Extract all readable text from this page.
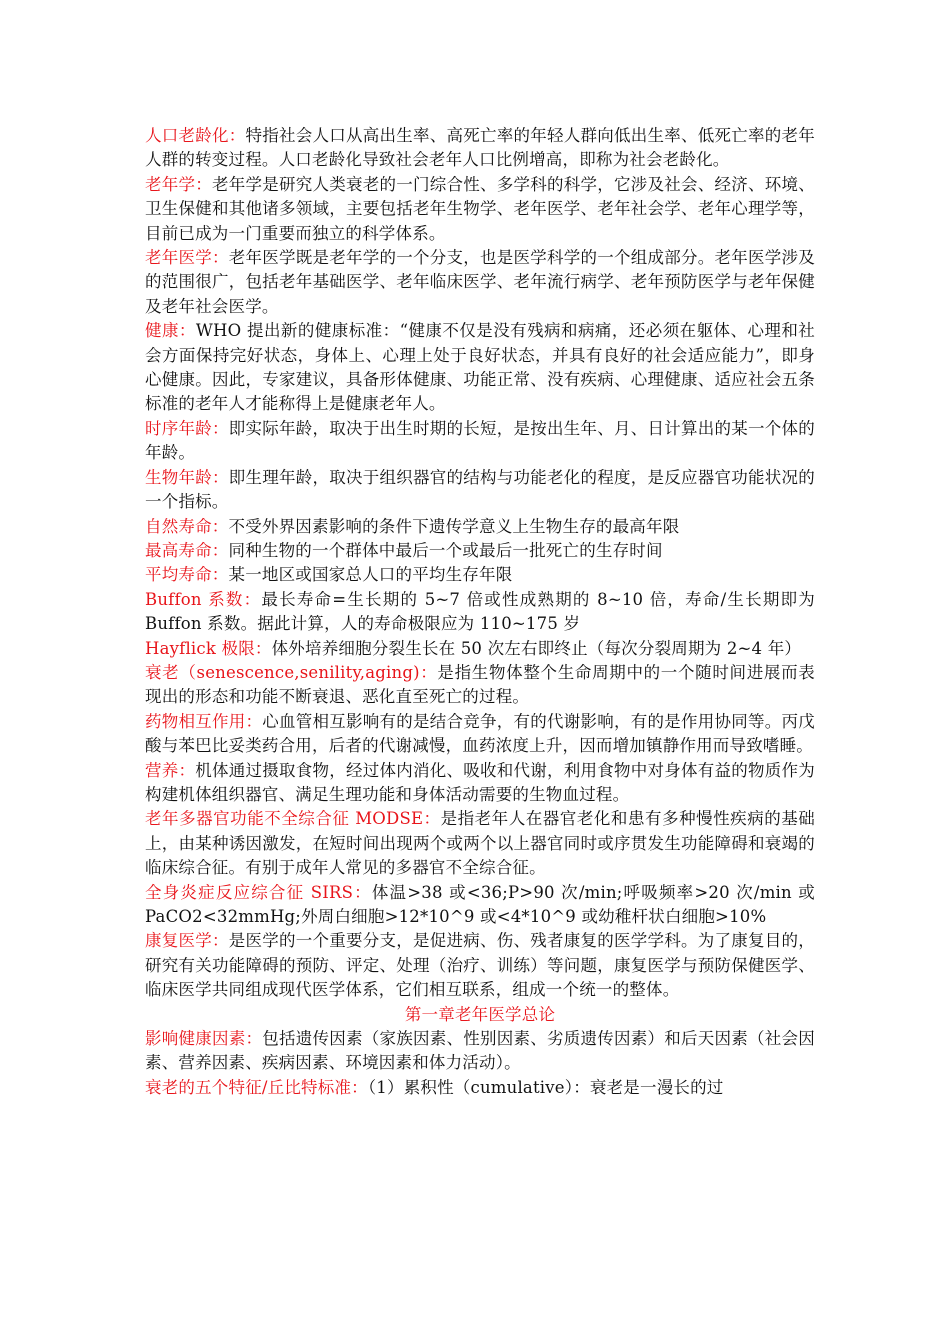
人口老龄化：特指社会人口从高出生率、高死亡率的年轻人群向低出生率、低死亡率的老年人群的转变过程。人口老龄化导致社会老年人口比例增高，即称为社会老龄化。

老年学：老年学是研究人类衰老的一门综合性、多学科的科学，它涉及社会、经济、环境、卫生保健和其他诸多领域，主要包括老年生物学、老年医学、老年社会学、老年心理学等，目前已成为一门重要而独立的科学体系。

老年医学：老年医学既是老年学的一个分支，也是医学科学的一个组成部分。老年医学涉及的范围很广，包括老年基础医学、老年临床医学、老年流行病学、老年预防医学与老年保健及老年社会医学。

健康：WHO 提出新的健康标准：“健康不仅是没有残病和病痛，还必须在躯体、心理和社会方面保持完好状态，身体上、心理上处于良好状态，并具有良好的社会适应能力”，即身心健康。因此，专家建议，具备形体健康、功能正常、没有疾病、心理健康、适应社会五条标准的老年人才能称得上是健康老年人。

时序年龄：即实际年龄，取决于出生时期的长短，是按出生年、月、日计算出的某一个体的年龄。

生物年龄：即生理年龄，取决于组织器官的结构与功能老化的程度，是反应器官功能状况的一个指标。

自然寿命：不受外界因素影响的条件下遗传学意义上生物生存的最高年限

最高寿命：同种生物的一个群体中最后一个或最后一批死亡的生存时间

平均寿命：某一地区或国家总人口的平均生存年限

Buffon 系数：最长寿命=生长期的 5~7 倍或性成熟期的 8~10 倍，寿命/生长期即为 Buffon 系数。据此计算，人的寿命极限应为 110~175 岁

Hayflick 极限：体外培养细胞分裂生长在 50 次左右即终止（每次分裂周期为 2~4 年）

衰老（senescence,senility,aging)：是指生物体整个生命周期中的一个随时间进展而表现出的形态和功能不断衰退、恶化直至死亡的过程。

药物相互作用：心血管相互影响有的是结合竞争，有的代谢影响，有的是作用协同等。丙戊酸与苯巴比妥类药合用，后者的代谢减慢，血药浓度上升，因而增加镇静作用而导致嗜睡。

营养：机体通过摄取食物，经过体内消化、吸收和代谢，利用食物中对身体有益的物质作为构建机体组织器官、满足生理功能和身体活动需要的生物血过程。

老年多器官功能不全综合征 MODSE：是指老年人在器官老化和患有多种慢性疾病的基础上，由某种诱因激发，在短时间出现两个或两个以上器官同时或序贯发生功能障碍和衰竭的临床综合征。有别于成年人常见的多器官不全综合征。

全身炎症反应综合征 SIRS：体温>38 或<36;P>90 次/min;呼吸频率>20 次/min 或 PaCO2<32mmHg;外周白细胞>12*10^9 或<4*10^9 或幼稚杆状白细胞>10%

康复医学：是医学的一个重要分支，是促进病、伤、残者康复的医学学科。为了康复目的，研究有关功能障碍的预防、评定、处理（治疗、训练）等问题，康复医学与预防保健医学、临床医学共同组成现代医学体系，它们相互联系，组成一个统一的整体。

第一章老年医学总论

影响健康因素：包括遗传因素（家族因素、性别因素、劣质遗传因素）和后天因素（社会因素、营养因素、疾病因素、环境因素和体力活动）。

衰老的五个特征/丘比特标准：（1）累积性（cumulative）：衰老是一漫长的过
